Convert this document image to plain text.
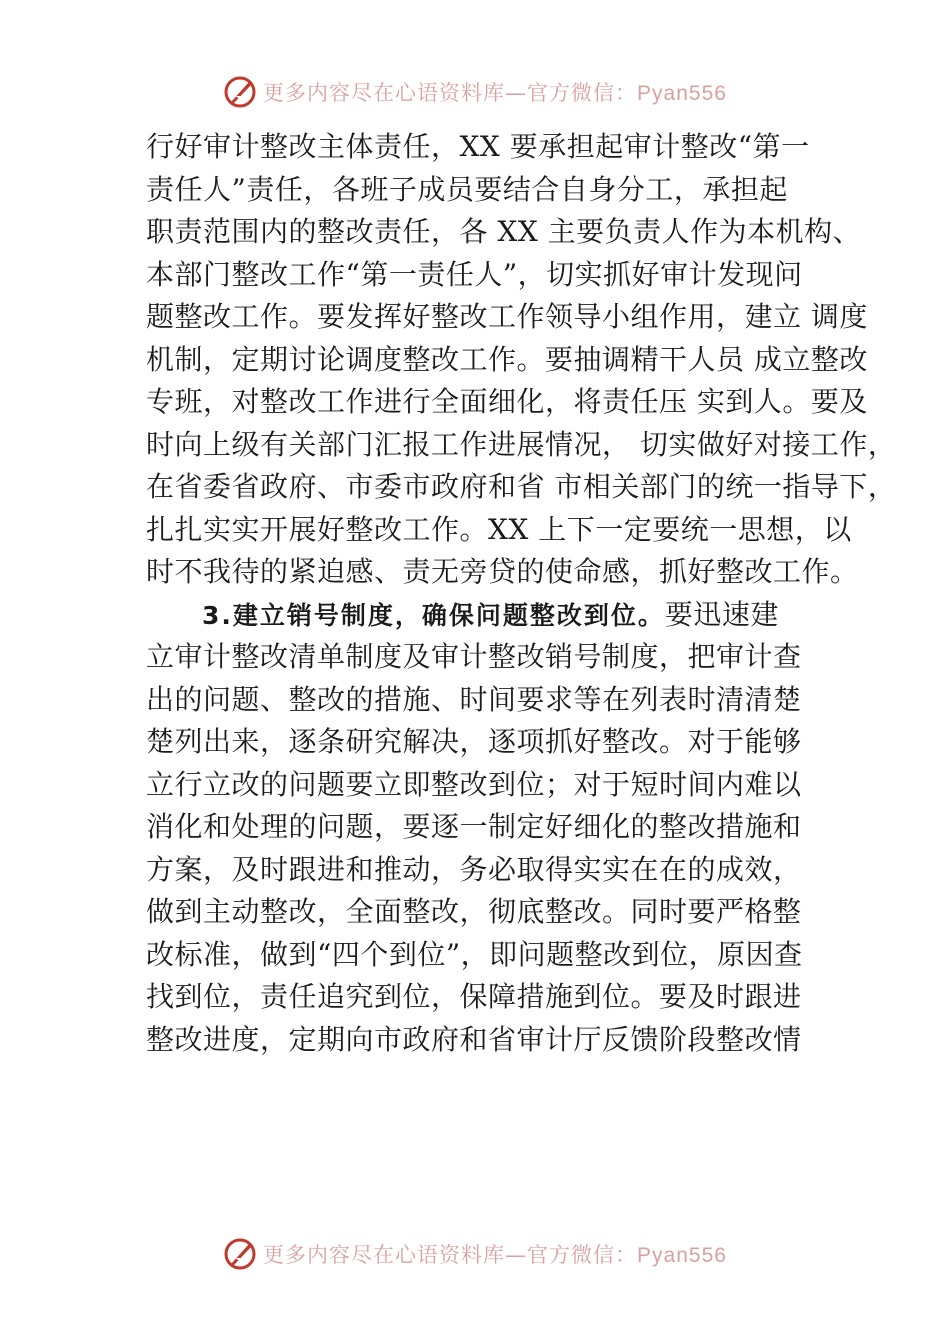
更多内容尽在心语资料库—官方微信：Pyan556
行好审计整改主体责任，XX 要承担起审计整改“第一
责任人”责任，各班子成员要结合自身分工，承担起
职责范围内的整改责任，各 XX 主要负责人作为本机构、
本部门整改工作“第一责任人”，切实抓好审计发现问
题整改工作。要发挥好整改工作领导小组作用，建立 调度
机制，定期讨论调度整改工作。要抽调精干人员 成立整改
专班，对整改工作进行全面细化，将责任压 实到人。要及
时向上级有关部门汇报工作进展情况， 切实做好对接工作，
在省委省政府、市委市政府和省 市相关部门的统一指导下，
扎扎实实开展好整改工作。XX 上下一定要统一思想，以
时不我待的紧迫感、责无旁贷的使命感，抓好整改工作。
3.建立销号制度，确保问题整改到位。要迅速建
立审计整改清单制度及审计整改销号制度，把审计查
出的问题、整改的措施、时间要求等在列表时清清楚
楚列出来，逐条研究解决，逐项抓好整改。对于能够
立行立改的问题要立即整改到位；对于短时间内难以
消化和处理的问题，要逐一制定好细化的整改措施和
方案，及时跟进和推动，务必取得实实在在的成效，
做到主动整改，全面整改，彻底整改。同时要严格整
改标准，做到“四个到位”，即问题整改到位，原因查
找到位，责任追究到位，保障措施到位。要及时跟进
整改进度，定期向市政府和省审计厅反馈阶段整改情
更多内容尽在心语资料库—官方微信：Pyan556
